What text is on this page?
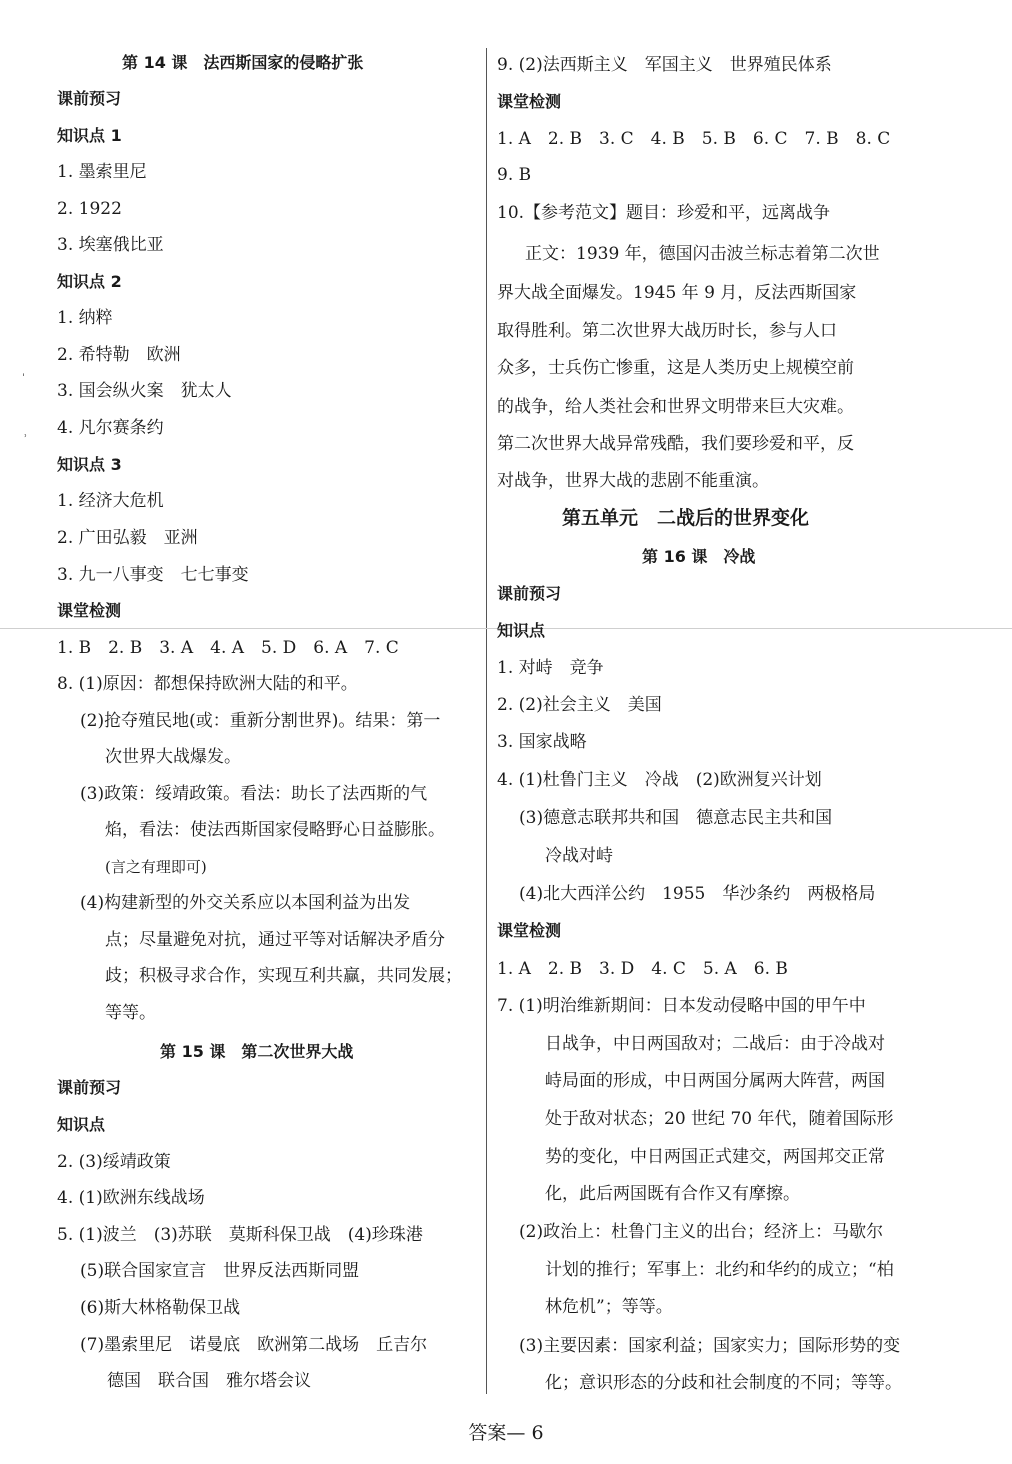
第 14 课　法西斯国家的侵略扩张
课前预习
知识点 1
1. 墨索里尼
2. 1922
3. 埃塞俄比亚
知识点 2
1. 纳粹
2. 希特勒　欧洲
3. 国会纵火案　犹太人
4. 凡尔赛条约
知识点 3
1. 经济大危机
2. 广田弘毅　亚洲
3. 九一八事变　七七事变
课堂检测
1. B　2. B　3. A　4. A　5. D　6. A　7. C
8. (1)原因：都想保持欧洲大陆的和平。
(2)抢夺殖民地(或：重新分割世界)。结果：第一
次世界大战爆发。
(3)政策：绥靖政策。看法：助长了法西斯的气
焰，看法：使法西斯国家侵略野心日益膨胀。
(言之有理即可)
(4)构建新型的外交关系应以本国利益为出发
点；尽量避免对抗，通过平等对话解决矛盾分
歧；积极寻求合作，实现互利共赢，共同发展；
等等。
第 15 课　第二次世界大战
课前预习
知识点
2. (3)绥靖政策
4. (1)欧洲东线战场
5. (1)波兰　(3)苏联　莫斯科保卫战　(4)珍珠港
(5)联合国家宣言　世界反法西斯同盟
(6)斯大林格勒保卫战
(7)墨索里尼　诺曼底　欧洲第二战场　丘吉尔
德国　联合国　雅尔塔会议
9. (2)法西斯主义　军国主义　世界殖民体系
课堂检测
1. A　2. B　3. C　4. B　5. B　6. C　7. B　8. C
9. B
10.【参考范文】题目：珍爱和平，远离战争
正文：1939 年，德国闪击波兰标志着第二次世
界大战全面爆发。1945 年 9 月，反法西斯国家
取得胜利。第二次世界大战历时长，参与人口
众多，士兵伤亡惨重，这是人类历史上规模空前
的战争，给人类社会和世界文明带来巨大灾难。
第二次世界大战异常残酷，我们要珍爱和平，反
对战争，世界大战的悲剧不能重演。
第五单元　二战后的世界变化
第 16 课　冷战
课前预习
知识点
1. 对峙　竞争
2. (2)社会主义　美国
3. 国家战略
4. (1)杜鲁门主义　冷战　(2)欧洲复兴计划
(3)德意志联邦共和国　德意志民主共和国
冷战对峙
(4)北大西洋公约　1955　华沙条约　两极格局
课堂检测
1. A　2. B　3. D　4. C　5. A　6. B
7. (1)明治维新期间：日本发动侵略中国的甲午中
日战争，中日两国敌对；二战后：由于冷战对
峙局面的形成，中日两国分属两大阵营，两国
处于敌对状态；20 世纪 70 年代，随着国际形
势的变化，中日两国正式建交，两国邦交正常
化，此后两国既有合作又有摩擦。
(2)政治上：杜鲁门主义的出台；经济上：马歇尔
计划的推行；军事上：北约和华约的成立；“柏
林危机”；等等。
(3)主要因素：国家利益；国家实力；国际形势的变
化；意识形态的分歧和社会制度的不同；等等。
ˈ
˒
答案— 6
